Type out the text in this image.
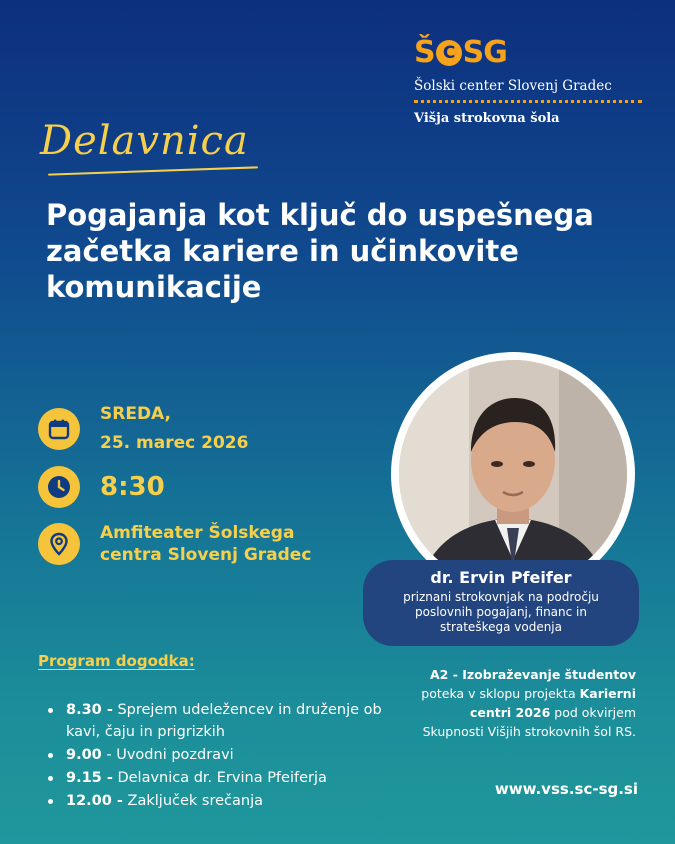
Š C SG
Šolski center Slovenj Gradec
Višja strokovna šola
Delavnica
Pogajanja kot ključ do uspešnega začetka kariere in učinkovite komunikacije
SREDA,
25. marec 2026
8:30
Amfiteater Šolskega
centra Slovenj Gradec
dr. Ervin Pfeifer
priznani strokovnjak na področju
poslovnih pogajanj, financ in
strateškega vodenja
Program dogodka:
8.30 - Sprejem udeležencev in druženje ob kavi, čaju in prigrizkih
9.00 - Uvodni pozdravi
9.15 - Delavnica dr. Ervina Pfeiferja
12.00 - Zaključek srečanja
A2 - Izobraževanje študentov poteka v sklopu projekta Karierni centri 2026 pod okvirjem Skupnosti Višjih strokovnih šol RS.
www.vss.sc-sg.si
